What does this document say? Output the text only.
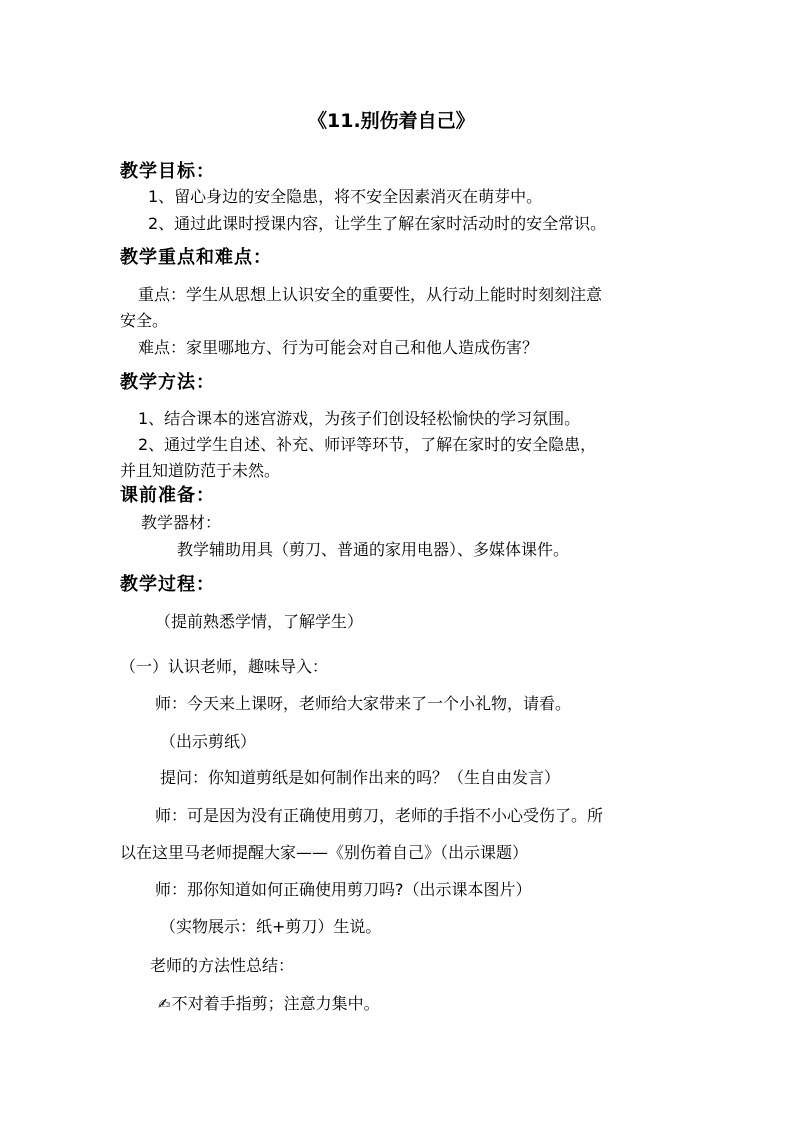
《11.别伤着自己》
教学目标：
1、留心身边的安全隐患，将不安全因素消灭在萌芽中。
2、通过此课时授课内容，让学生了解在家时活动时的安全常识。
教学重点和难点：
重点：学生从思想上认识安全的重要性，从行动上能时时刻刻注意
安全。
难点：家里哪地方、行为可能会对自己和他人造成伤害？
教学方法：
1、结合课本的迷宫游戏，为孩子们创设轻松愉快的学习氛围。
2、通过学生自述、补充、师评等环节，了解在家时的安全隐患，
并且知道防范于未然。
课前准备：
教学器材：
教学辅助用具（剪刀、普通的家用电器）、多媒体课件。
教学过程：
（提前熟悉学情，了解学生）
（一）认识老师，趣味导入：
师：今天来上课呀，老师给大家带来了一个小礼物，请看。
（出示剪纸）
提问：你知道剪纸是如何制作出来的吗？（生自由发言）
师：可是因为没有正确使用剪刀，老师的手指不小心受伤了。所
以在这里马老师提醒大家——《别伤着自己》（出示课题）
师：那你知道如何正确使用剪刀吗?（出示课本图片）
（实物展示：纸+剪刀）生说。
老师的方法性总结：
✍不对着手指剪；注意力集中。
